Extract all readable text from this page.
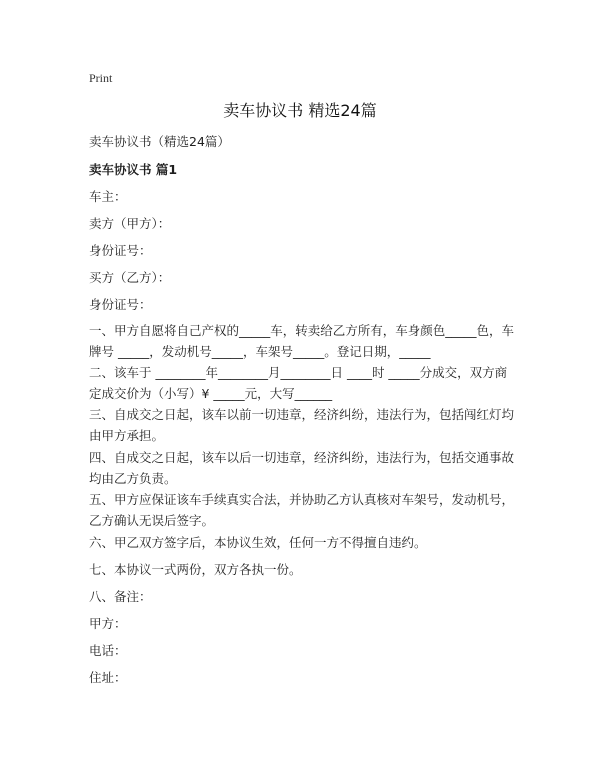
Print
卖车协议书 精选24篇
卖车协议书（精选24篇）
卖车协议书 篇1
车主：
卖方（甲方）：
身份证号：
买方（乙方）：
身份证号：
一、甲方自愿将自己产权的_____车，转卖给乙方所有，车身颜色_____色，车牌号 _____，发动机号_____，车架号_____。登记日期，_____
二、该车于 ________年________月________日 ____时 _____分成交，双方商定成交价为（小写）¥ _____元，大写______
三、自成交之日起，该车以前一切违章，经济纠纷，违法行为，包括闯红灯均由甲方承担。
四、自成交之日起，该车以后一切违章，经济纠纷，违法行为，包括交通事故均由乙方负责。
五、甲方应保证该车手续真实合法，并协助乙方认真核对车架号，发动机号，乙方确认无误后签字。
六、甲乙双方签字后，本协议生效，任何一方不得擅自违约。
七、本协议一式两份，双方各执一份。
八、备注：
甲方：
电话：
住址：
